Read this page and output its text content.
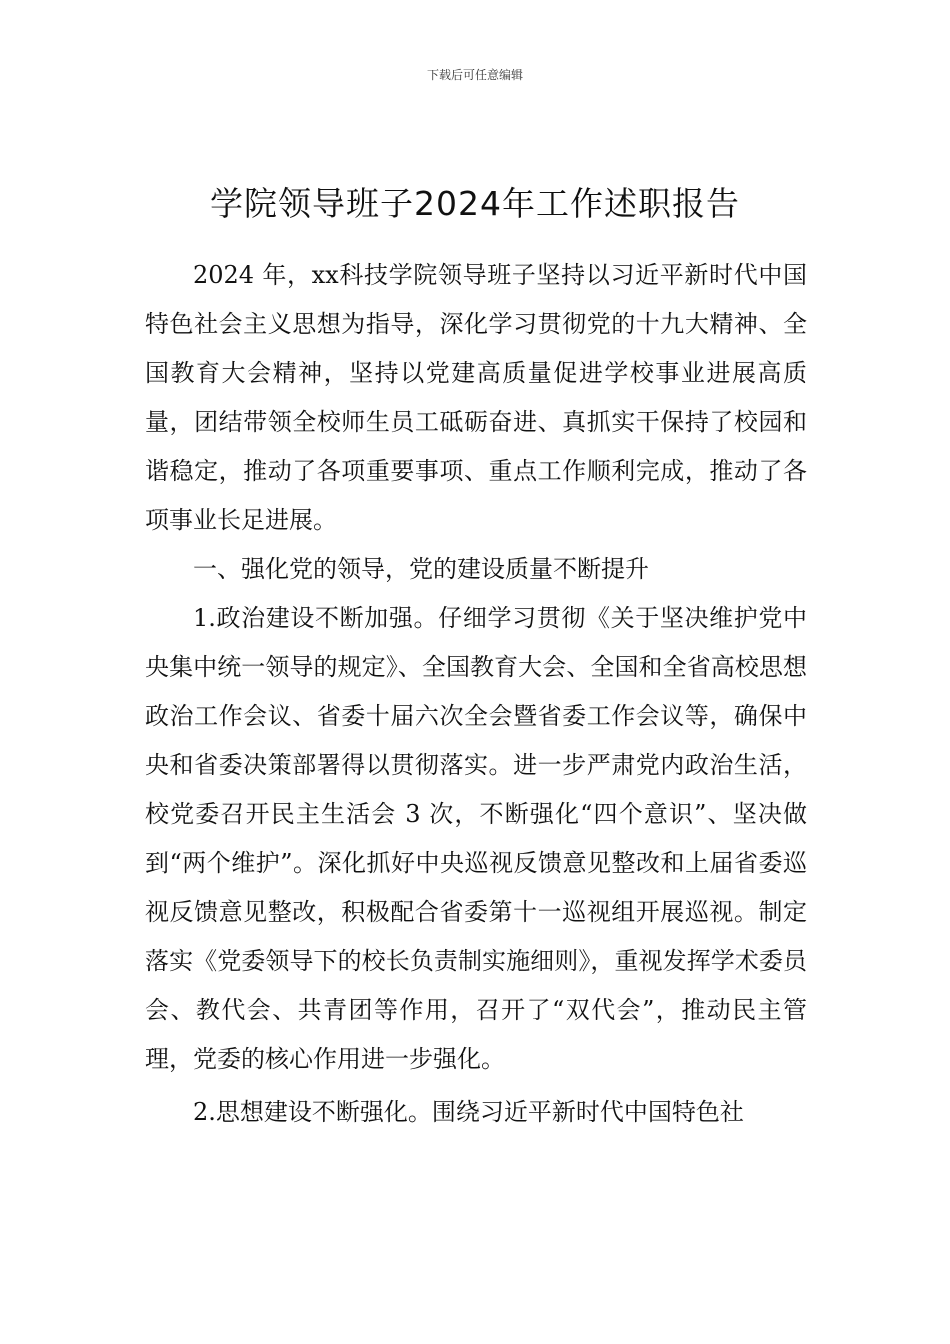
下载后可任意编辑
学院领导班子2024年工作述职报告

2024 年，xx科技学院领导班子坚持以习近平新时代中国特色社会主义思想为指导，深化学习贯彻党的十九大精神、全国教育大会精神，坚持以党建高质量促进学校事业进展高质量，团结带领全校师生员工砥砺奋进、真抓实干保持了校园和谐稳定，推动了各项重要事项、重点工作顺利完成，推动了各项事业长足进展。

一、强化党的领导，党的建设质量不断提升

1.政治建设不断加强。仔细学习贯彻《关于坚决维护党中央集中统一领导的规定》、全国教育大会、全国和全省高校思想政治工作会议、省委十届六次全会暨省委工作会议等，确保中央和省委决策部署得以贯彻落实。进一步严肃党内政治生活，校党委召开民主生活会 3 次，不断强化“四个意识”、坚决做到“两个维护”。深化抓好中央巡视反馈意见整改和上届省委巡视反馈意见整改，积极配合省委第十一巡视组开展巡视。制定落实《党委领导下的校长负责制实施细则》，重视发挥学术委员会、教代会、共青团等作用，召开了“双代会”，推动民主管理，党委的核心作用进一步强化。

2.思想建设不断强化。围绕习近平新时代中国特色社
